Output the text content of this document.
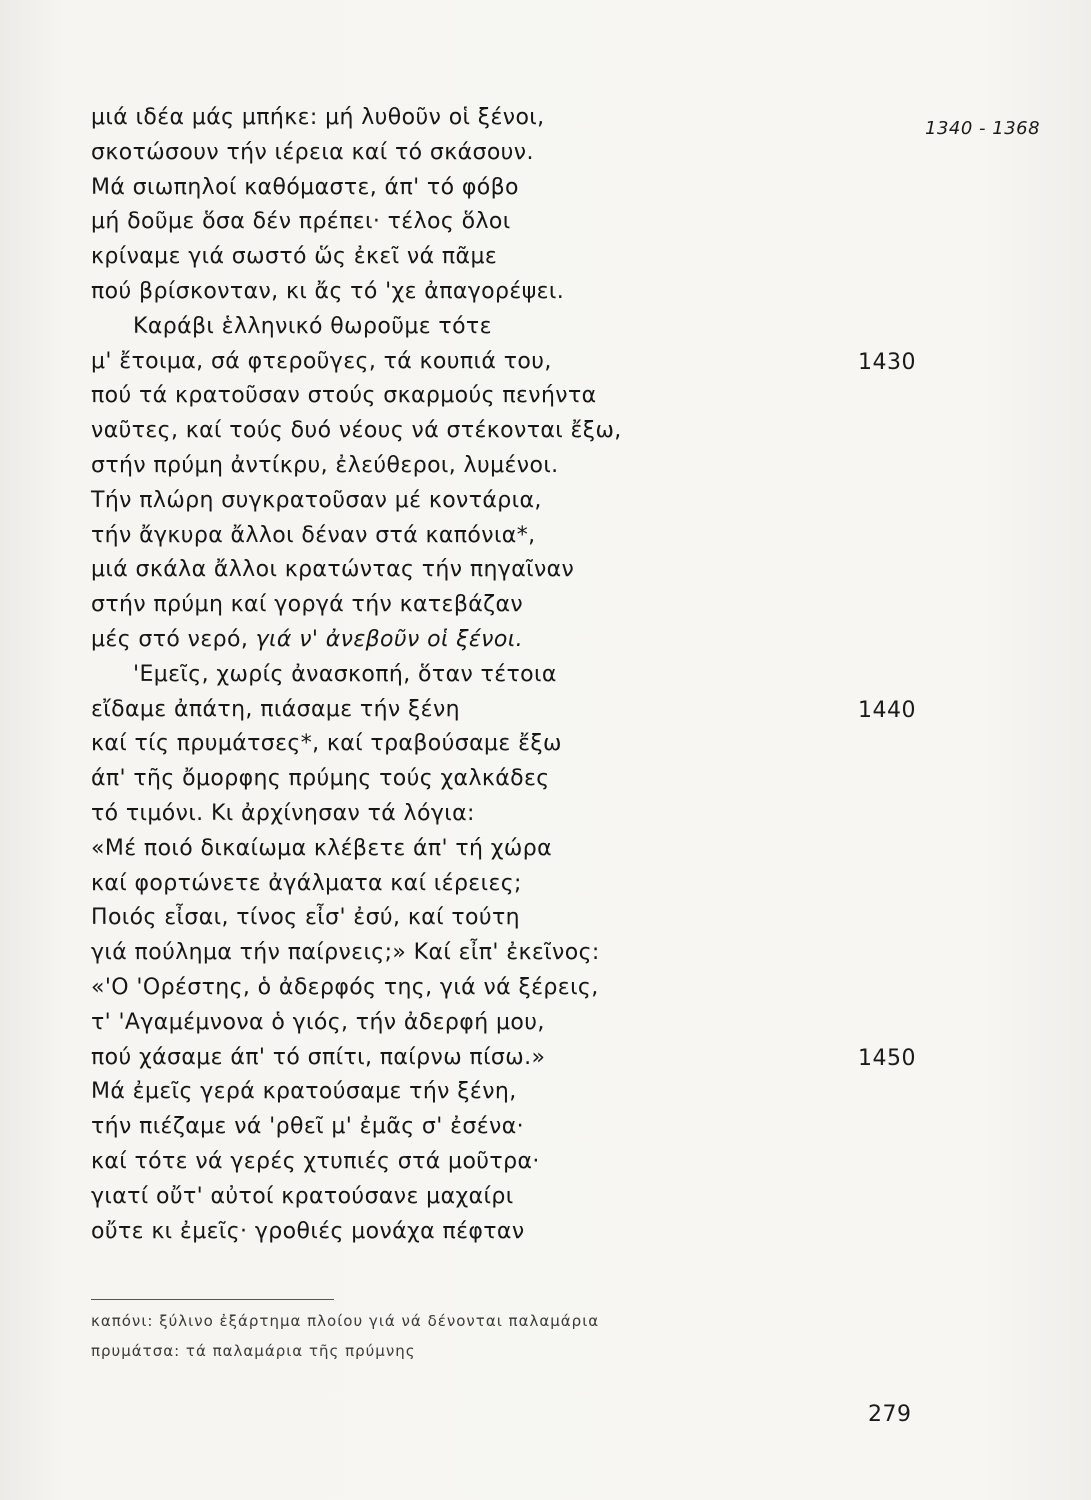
1340 - 1368
μιά ιδέα μάς μπήκε: μή λυθοῦν οἱ ξένοι,
σκοτώσουν τήν ιέρεια καί τό σκάσουν.
Μά σιωπηλοί καθόμαστε, άπ' τό φόβο
μή δοῦμε ὅσα δέν πρέπει· τέλος ὅλοι
κρίναμε γιά σωστό ὥς ἐκεῖ νά πᾶμε
πού βρίσκονταν, κι ἄς τό 'χε ἀπαγορέψει.
Καράβι ἑλληνικό θωροῦμε τότε
μ' ἔτοιμα, σά φτεροῦγες, τά κουπιά του,
πού τά κρατοῦσαν στούς σκαρμούς πενήντα
ναῦτες, καί τούς δυό νέους νά στέκονται ἔξω,
στήν πρύμη ἀντίκρυ, ἐλεύθεροι, λυμένοι.
Τήν πλώρη συγκρατοῦσαν μέ κοντάρια,
τήν ἄγκυρα ἄλλοι δέναν στά καπόνια*,
μιά σκάλα ἄλλοι κρατώντας τήν πηγαῖναν
στήν πρύμη καί γοργά τήν κατεβάζαν
μές στό νερό, γιά ν' ἀνεβοῦν οἱ ξένοι.
'Εμεῖς, χωρίς ἀνασκοπή, ὅταν τέτοια
εἴδαμε ἀπάτη, πιάσαμε τήν ξένη
καί τίς πρυμάτσες*, καί τραβούσαμε ἔξω
άπ' τῆς ὄμορφης πρύμης τούς χαλκάδες
τό τιμόνι. Κι ἀρχίνησαν τά λόγια:
«Μέ ποιό δικαίωμα κλέβετε άπ' τή χώρα
καί φορτώνετε ἀγάλματα καί ιέρειες;
Ποιός εἶσαι, τίνος εἶσ' ἐσύ, καί τούτη
γιά πούλημα τήν παίρνεις;» Καί εἶπ' ἐκεῖνος:
«'Ο 'Ορέστης, ὁ ἀδερφός της, γιά νά ξέρεις,
τ' 'Αγαμέμνονα ὁ γιός, τήν ἀδερφή μου,
πού χάσαμε άπ' τό σπίτι, παίρνω πίσω.»
Μά ἐμεῖς γερά κρατούσαμε τήν ξένη,
τήν πιέζαμε νά 'ρθεῖ μ' ἐμᾶς σ' ἐσένα·
καί τότε νά γερές χτυπιές στά μοῦτρα·
γιατί οὔτ' αὐτοί κρατούσανε μαχαίρι
οὔτε κι ἐμεῖς· γροθιές μονάχα πέφταν
1430
1440
1450
καπόνι: ξύλινο ἐξάρτημα πλοίου γιά νά δένονται παλαμάρια
πρυμάτσα: τά παλαμάρια τῆς πρύμνης
279
